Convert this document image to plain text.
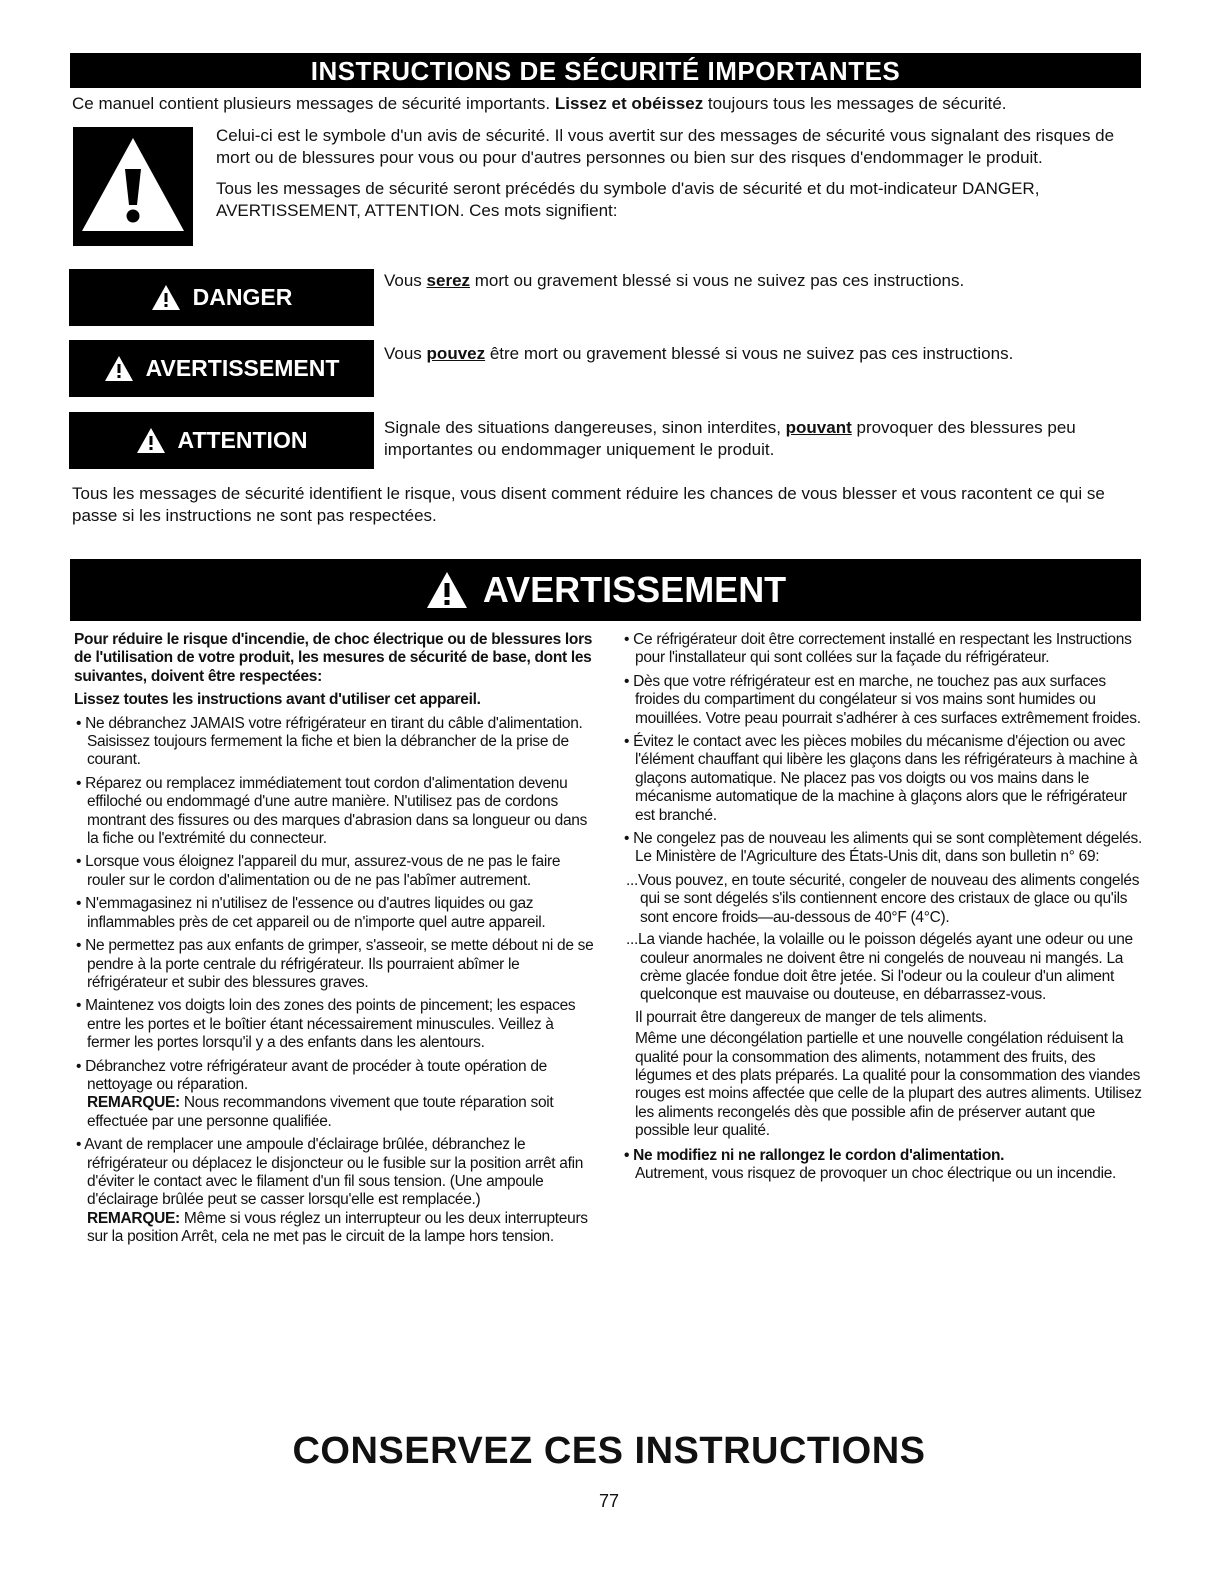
INSTRUCTIONS DE SÉCURITÉ IMPORTANTES
Ce manuel contient plusieurs messages de sécurité importants. Lissez et obéissez toujours tous les messages de sécurité.

Celui-ci est le symbole d'un avis de sécurité. Il vous avertit sur des messages de sécurité vous signalant des risques de mort ou de blessures pour vous ou pour d'autres personnes ou bien sur des risques d'endommager le produit.

Tous les messages de sécurité seront précédés du symbole d'avis de sécurité et du mot-indicateur DANGER, AVERTISSEMENT, ATTENTION. Ces mots signifient:

DANGER
Vous serez mort ou gravement blessé si vous ne suivez pas ces instructions.
AVERTISSEMENT
Vous pouvez être mort ou gravement blessé si vous ne suivez pas ces instructions.
ATTENTION	Signale des situations dangereuses, sinon interdites, pouvant provoquer des blessures peu importantes ou endommager uniquement le produit.
Tous les messages de sécurité identifient le risque, vous disent comment réduire les chances de vous blesser et vous racontent ce qui se passe si les instructions ne sont pas respectées.
AVERTISSEMENT

Pour réduire le risque d'incendie, de choc électrique ou de blessures lors de l'utilisation de votre produit, les mesures de sécurité de base, dont les suivantes, doivent être respectées:

Lissez toutes les instructions avant d'utiliser cet appareil.

• Ne débranchez JAMAIS votre réfrigérateur en tirant du câble d'alimentation. Saisissez toujours fermement la fiche et bien la débrancher de la prise de courant.

• Réparez ou remplacez immédiatement tout cordon d'alimentation devenu effiloché ou endommagé d'une autre manière. N'utilisez pas de cordons montrant des fissures ou des marques d'abrasion dans sa longueur ou dans la fiche ou l'extrémité du connecteur.

• Lorsque vous éloignez l'appareil du mur, assurez-vous de ne pas le faire rouler sur le cordon d'alimentation ou de ne pas l'abîmer autrement.

• N'emmagasinez ni n'utilisez de l'essence ou d'autres liquides ou gaz inflammables près de cet appareil ou de n'importe quel autre appareil.

• Ne permettez pas aux enfants de grimper, s'asseoir, se mette débout ni de se pendre à la porte centrale du réfrigérateur. Ils pourraient abîmer le réfrigérateur et subir des blessures graves.

• Maintenez vos doigts loin des zones des points de pincement; les espaces entre les portes et le boîtier étant nécessairement minuscules. Veillez à fermer les portes lorsqu'il y a des enfants dans les alentours.

• Débranchez votre réfrigérateur avant de procéder à toute opération de nettoyage ou réparation.
REMARQUE: Nous recommandons vivement que toute réparation soit effectuée par une personne qualifiée.
• Avant de remplacer une ampoule d'éclairage brûlée, débranchez le réfrigérateur ou déplacez le disjoncteur ou le fusible sur la position arrêt afin d'éviter le contact avec le filament d'un fil sous tension. (Une ampoule d'éclairage brûlée peut se casser lorsqu'elle est remplacée.)
REMARQUE: Même si vous réglez un interrupteur ou les deux interrupteurs sur la position Arrêt, cela ne met pas le circuit de la lampe hors tension.

• Ce réfrigérateur doit être correctement installé en respectant les Instructions pour l'installateur qui sont collées sur la façade du réfrigérateur.

• Dès que votre réfrigérateur est en marche, ne touchez pas aux surfaces froides du compartiment du congélateur si vos mains sont humides ou mouillées. Votre peau pourrait s'adhérer à ces surfaces extrêmement froides.

• Évitez le contact avec les pièces mobiles du mécanisme d'éjection ou avec l'élément chauffant qui libère les glaçons dans les réfrigérateurs à machine à glaçons automatique. Ne placez pas vos doigts ou vos mains dans le mécanisme automatique de la machine à glaçons alors que le réfrigérateur est branché.

• Ne congelez pas de nouveau les aliments qui se sont complètement dégelés. Le Ministère de l'Agriculture des États-Unis dit, dans son bulletin n° 69:

...Vous pouvez, en toute sécurité, congeler de nouveau des aliments congelés qui se sont dégelés s'ils contiennent encore des cristaux de glace ou qu'ils sont encore froids—au-dessous de 40°F (4°C).

...La viande hachée, la volaille ou le poisson dégelés ayant une odeur ou une couleur anormales ne doivent être ni congelés de nouveau ni mangés. La crème glacée fondue doit être jetée. Si l'odeur ou la couleur d'un aliment quelconque est mauvaise ou douteuse, en débarrassez-vous.

Il pourrait être dangereux de manger de tels aliments.

Même une décongélation partielle et une nouvelle congélation réduisent la qualité pour la consommation des aliments, notamment des fruits, des légumes et des plats préparés. La qualité pour la consommation des viandes rouges est moins affectée que celle de la plupart des autres aliments. Utilisez les aliments recongelés dès que possible afin de préserver autant que possible leur qualité.

• Ne modifiez ni ne rallongez le cordon d'alimentation.
Autrement, vous risquez de provoquer un choc électrique ou un incendie.
CONSERVEZ CES INSTRUCTIONS
77
